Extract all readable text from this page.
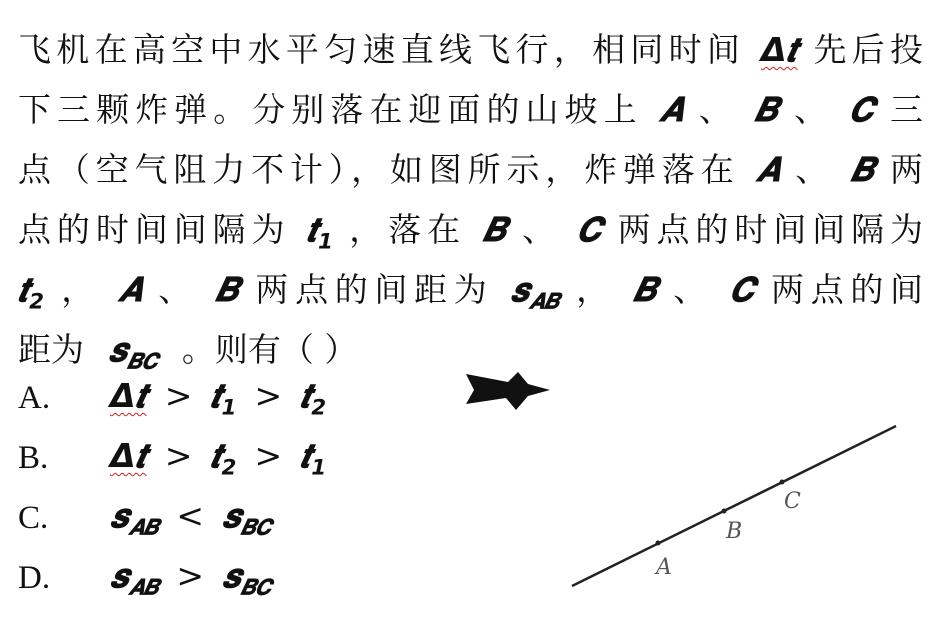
飞机在高空中水平匀速直线飞行，相同时间 Δ𝒕 先后投
下三颗炸弹。分别落在迎面的山坡上 𝑨 、 𝑩 、 𝑪 三
点（空气阻力不计），如图所示，炸弹落在 𝑨 、 𝑩 两
点的时间间隔为 𝒕$_1$ ，落在 𝑩 、 𝑪 两点的时间间隔为
𝒕$_2$ ， 𝑨 、 𝑩 两点的间距为 𝒔$_{𝑨𝑩}$ ， 𝑩 、 𝑪 两点的间
距为 𝒔$_{𝑩𝑪}$ 。则有（ ）
A.	Δ𝒕 > 𝒕$_1$ > 𝒕$_2$
B.	Δ𝒕 > 𝒕$_2$ > 𝒕$_1$
C.	𝒔$_{𝑨𝑩}$ < 𝒔$_{𝑩𝑪}$
D.	𝒔$_{𝑨𝑩}$ > 𝒔$_{𝑩𝑪}$
A
B
C
